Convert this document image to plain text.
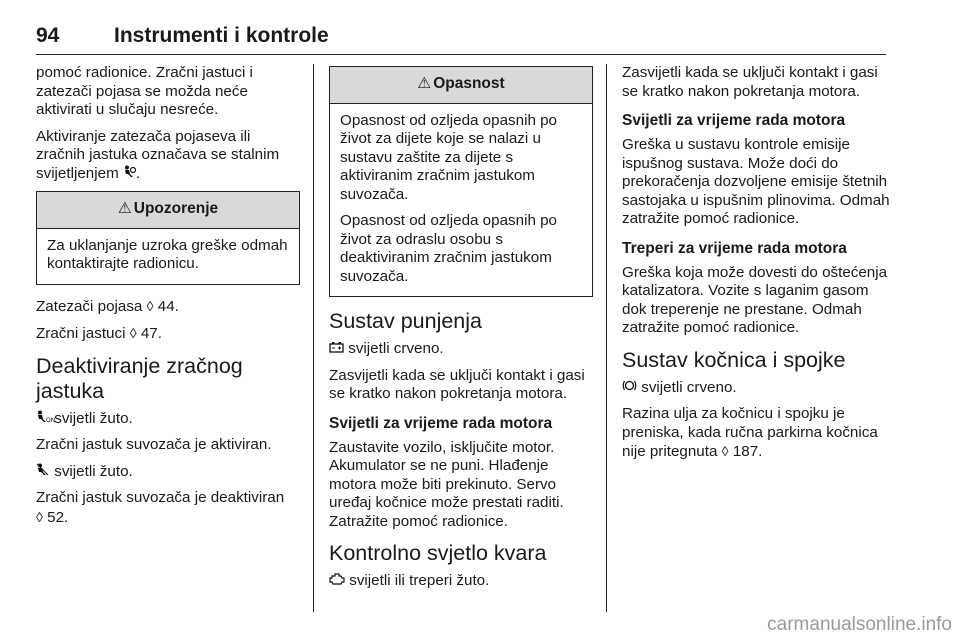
94	Instrumenti i kontrole

pomoć radionice. Zračni jastuci i zatezači pojasa se možda neće aktivirati u slučaju nesreće.

Aktiviranje zatezača pojaseva ili zračnih jastuka označava se stalnim svijetljenjem .

⚠ Upozorenje

Za uklanjanje uzroka greške odmah kontaktirajte radionicu.

Zatezači pojasa ◊ 44.

Zračni jastuci ◊ 47.

Deaktiviranje zračnog jastuka

ON svijetli žuto.

Zračni jastuk suvozača je aktiviran.

svijetli žuto.

Zračni jastuk suvozača je deaktiviran
◊ 52.

⚠ Opasnost

Opasnost od ozljeda opasnih po život za dijete koje se nalazi u sustavu zaštite za dijete s aktiviranim zračnim jastukom suvozača.

Opasnost od ozljeda opasnih po život za odraslu osobu s deaktiviranim zračnim jastukom suvozača.

Sustav punjenja

svijetli crveno.

Zasvijetli kada se uključi kontakt i gasi se kratko nakon pokretanja motora.

Svijetli za vrijeme rada motora

Zaustavite vozilo, isključite motor. Akumulator se ne puni. Hlađenje motora može biti prekinuto. Servo uređaj kočnice može prestati raditi. Zatražite pomoć radionice.

Kontrolno svjetlo kvara

svijetli ili treperi žuto.

Zasvijetli kada se uključi kontakt i gasi se kratko nakon pokretanja motora.

Svijetli za vrijeme rada motora

Greška u sustavu kontrole emisije ispušnog sustava. Može doći do prekoračenja dozvoljene emisije štetnih sastojaka u ispušnim plinovima. Odmah zatražite pomoć radionice.

Treperi za vrijeme rada motora

Greška koja može dovesti do oštećenja katalizatora. Vozite s laganim gasom dok treperenje ne prestane. Odmah zatražite pomoć radionice.

Sustav kočnica i spojke

svijetli crveno.

Razina ulja za kočnicu i spojku je preniska, kada ručna parkirna kočnica nije pritegnuta ◊ 187.

carmanualsonline.info
